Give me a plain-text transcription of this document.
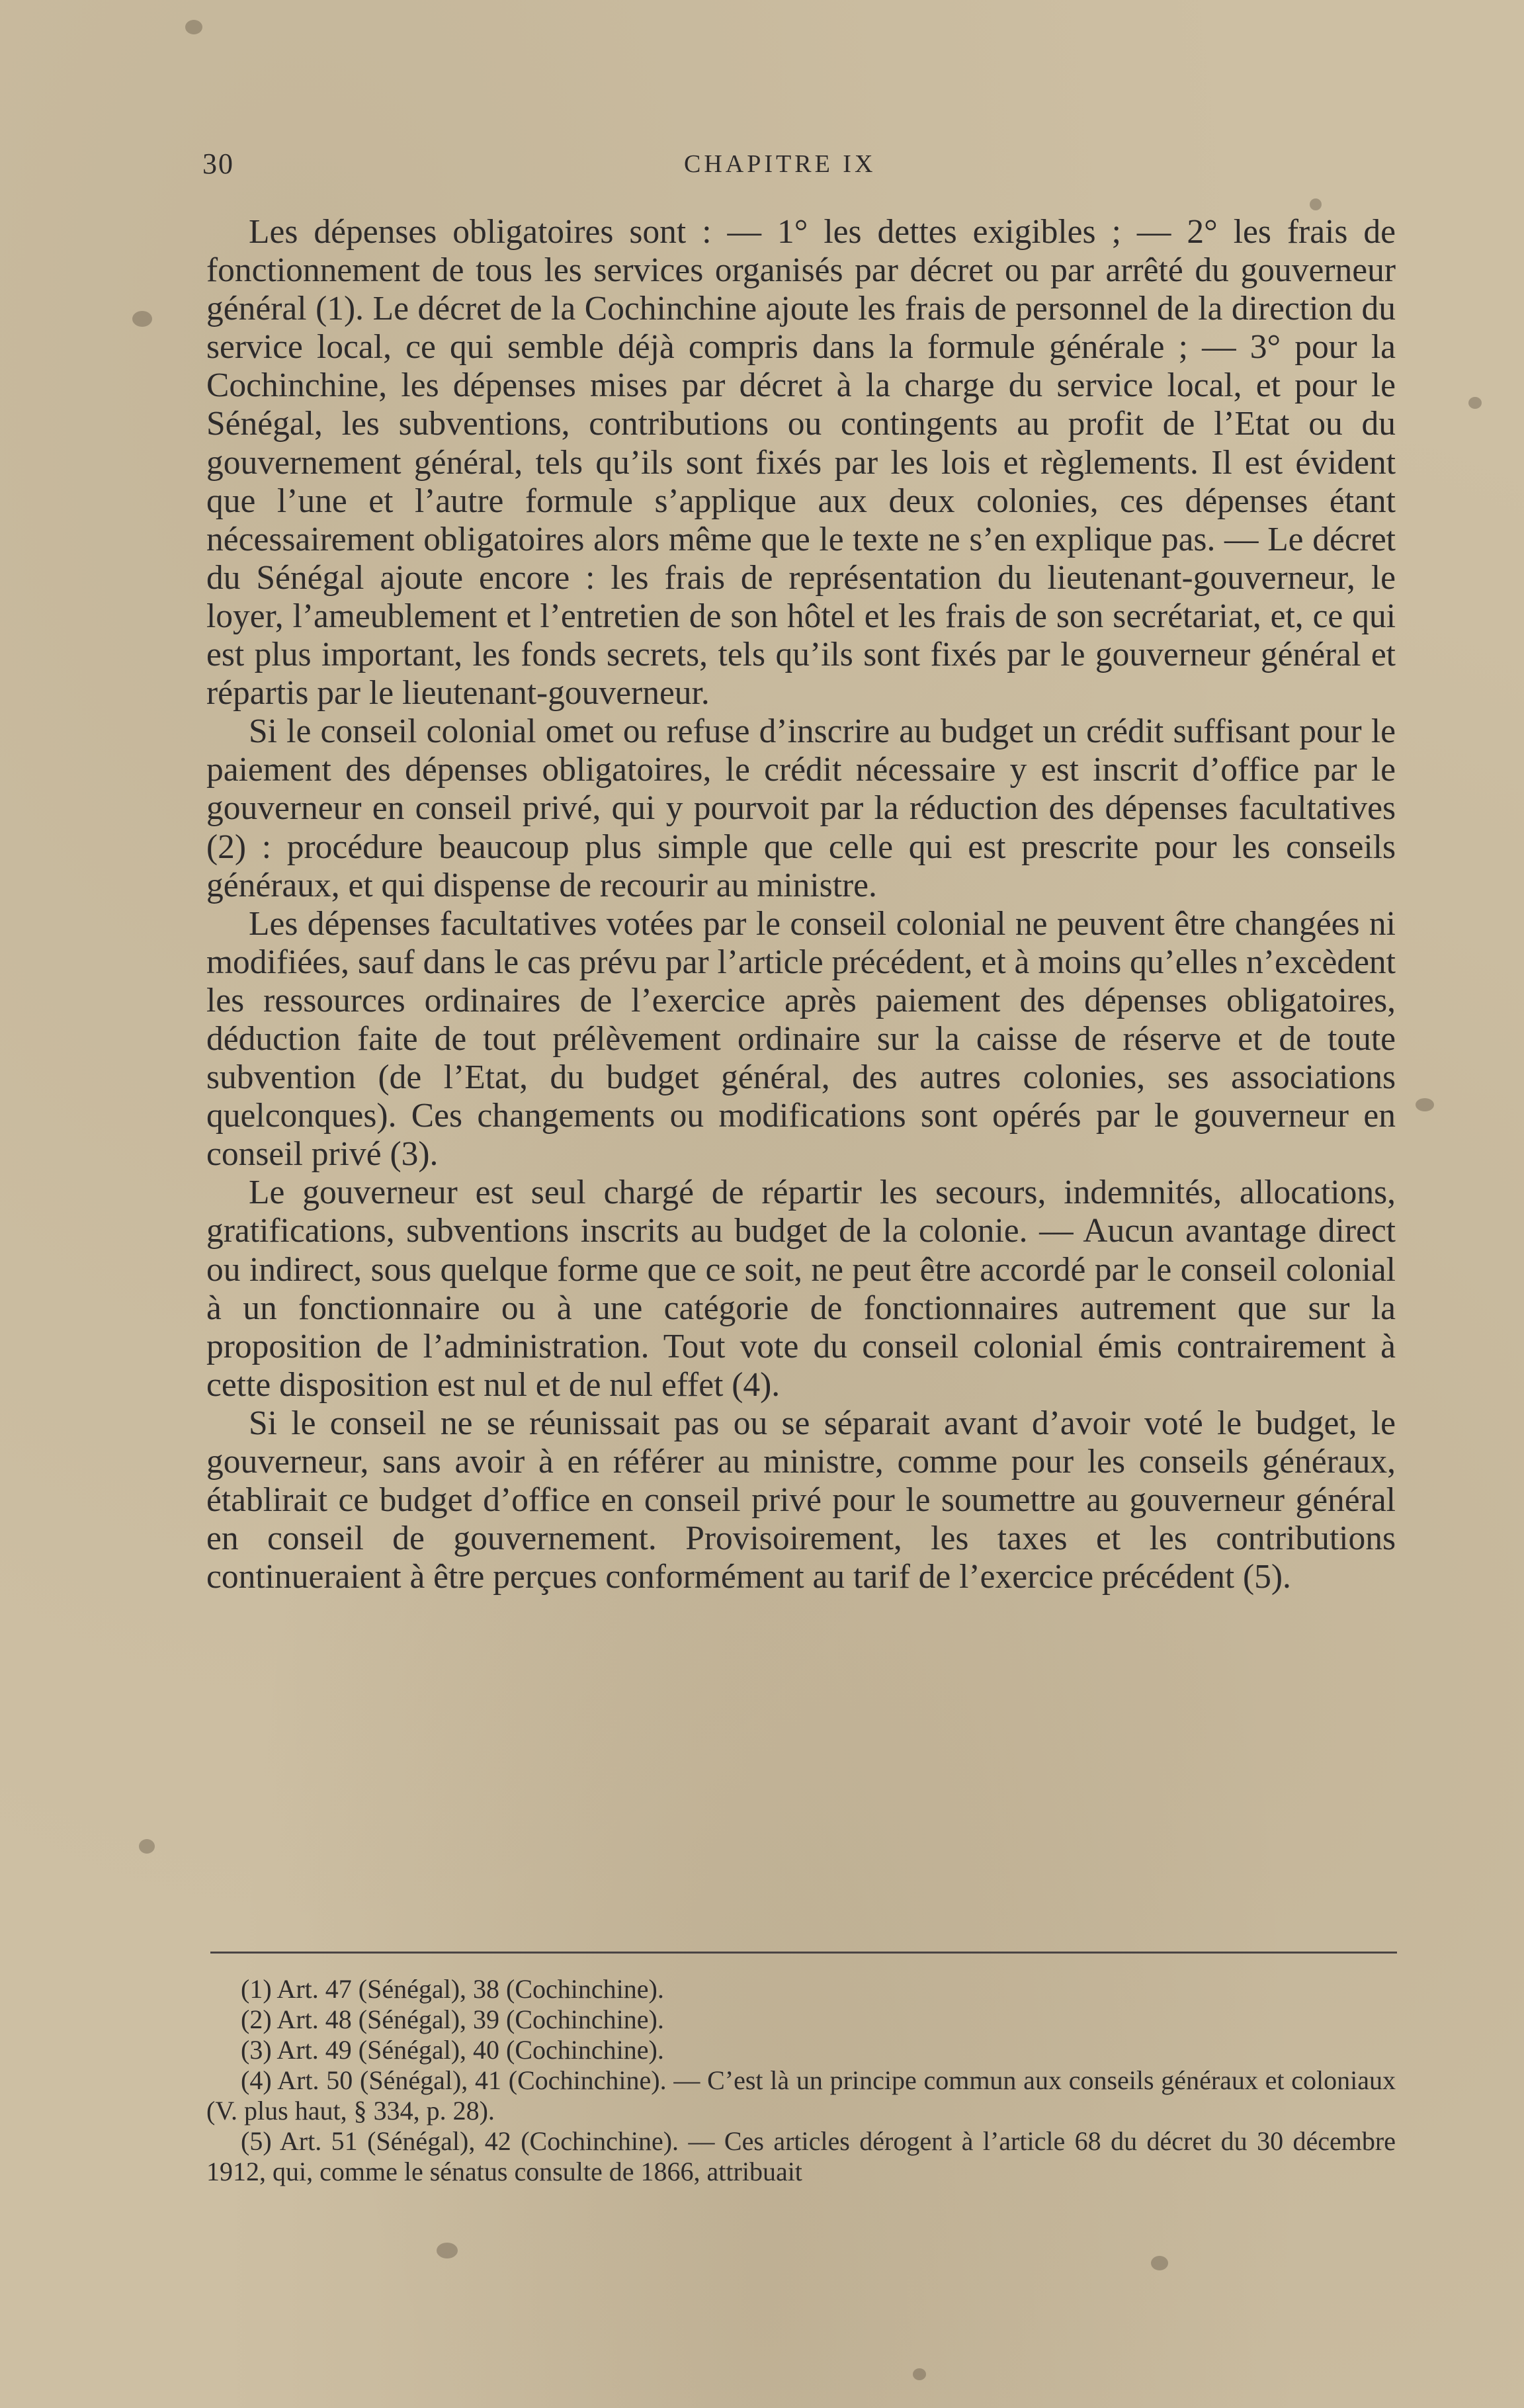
30	CHAPITRE IX

Les dépenses obligatoires sont : — 1° les dettes exigibles ; — 2° les frais de fonctionnement de tous les services organisés par décret ou par arrêté du gouverneur général (1). Le décret de la Cochinchine ajoute les frais de personnel de la direction du service local, ce qui semble déjà compris dans la formule générale ; — 3° pour la Cochinchine, les dépenses mises par décret à la charge du service local, et pour le Sénégal, les subventions, contributions ou contingents au profit de l’Etat ou du gouvernement général, tels qu’ils sont fixés par les lois et règlements. Il est évident que l’une et l’autre formule s’applique aux deux colonies, ces dépenses étant nécessairement obligatoires alors même que le texte ne s’en explique pas. — Le décret du Sénégal ajoute encore : les frais de représentation du lieutenant-gouverneur, le loyer, l’ameublement et l’entretien de son hôtel et les frais de son secrétariat, et, ce qui est plus important, les fonds secrets, tels qu’ils sont fixés par le gouverneur général et répartis par le lieutenant-gouverneur.

Si le conseil colonial omet ou refuse d’inscrire au budget un crédit suffisant pour le paiement des dépenses obligatoires, le crédit nécessaire y est inscrit d’office par le gouverneur en conseil privé, qui y pourvoit par la réduction des dépenses facultatives (2) : procédure beaucoup plus simple que celle qui est prescrite pour les conseils généraux, et qui dispense de recourir au ministre.

Les dépenses facultatives votées par le conseil colonial ne peuvent être changées ni modifiées, sauf dans le cas prévu par l’article précédent, et à moins qu’elles n’excèdent les ressources ordinaires de l’exercice après paiement des dépenses obligatoires, déduction faite de tout prélèvement ordinaire sur la caisse de réserve et de toute subvention (de l’Etat, du budget général, des autres colonies, ses associations quelconques). Ces changements ou modifications sont opérés par le gouverneur en conseil privé (3).

Le gouverneur est seul chargé de répartir les secours, indemnités, allocations, gratifications, subventions inscrits au budget de la colonie. — Aucun avantage direct ou indirect, sous quelque forme que ce soit, ne peut être accordé par le conseil colonial à un fonctionnaire ou à une catégorie de fonctionnaires autrement que sur la proposition de l’administration. Tout vote du conseil colonial émis contrairement à cette disposition est nul et de nul effet (4).

Si le conseil ne se réunissait pas ou se séparait avant d’avoir voté le budget, le gouverneur, sans avoir à en référer au ministre, comme pour les conseils généraux, établirait ce budget d’office en conseil privé pour le soumettre au gouverneur général en conseil de gouvernement. Provisoirement, les taxes et les contributions continueraient à être perçues conformément au tarif de l’exercice précédent (5).

(1) Art. 47 (Sénégal), 38 (Cochinchine).

(2) Art. 48 (Sénégal), 39 (Cochinchine).

(3) Art. 49 (Sénégal), 40 (Cochinchine).

(4) Art. 50 (Sénégal), 41 (Cochinchine). — C’est là un principe commun aux conseils généraux et coloniaux (V. plus haut, § 334, p. 28).

(5) Art. 51 (Sénégal), 42 (Cochinchine). — Ces articles dérogent à l’article 68 du décret du 30 décembre 1912, qui, comme le sénatus consulte de 1866, attribuait
